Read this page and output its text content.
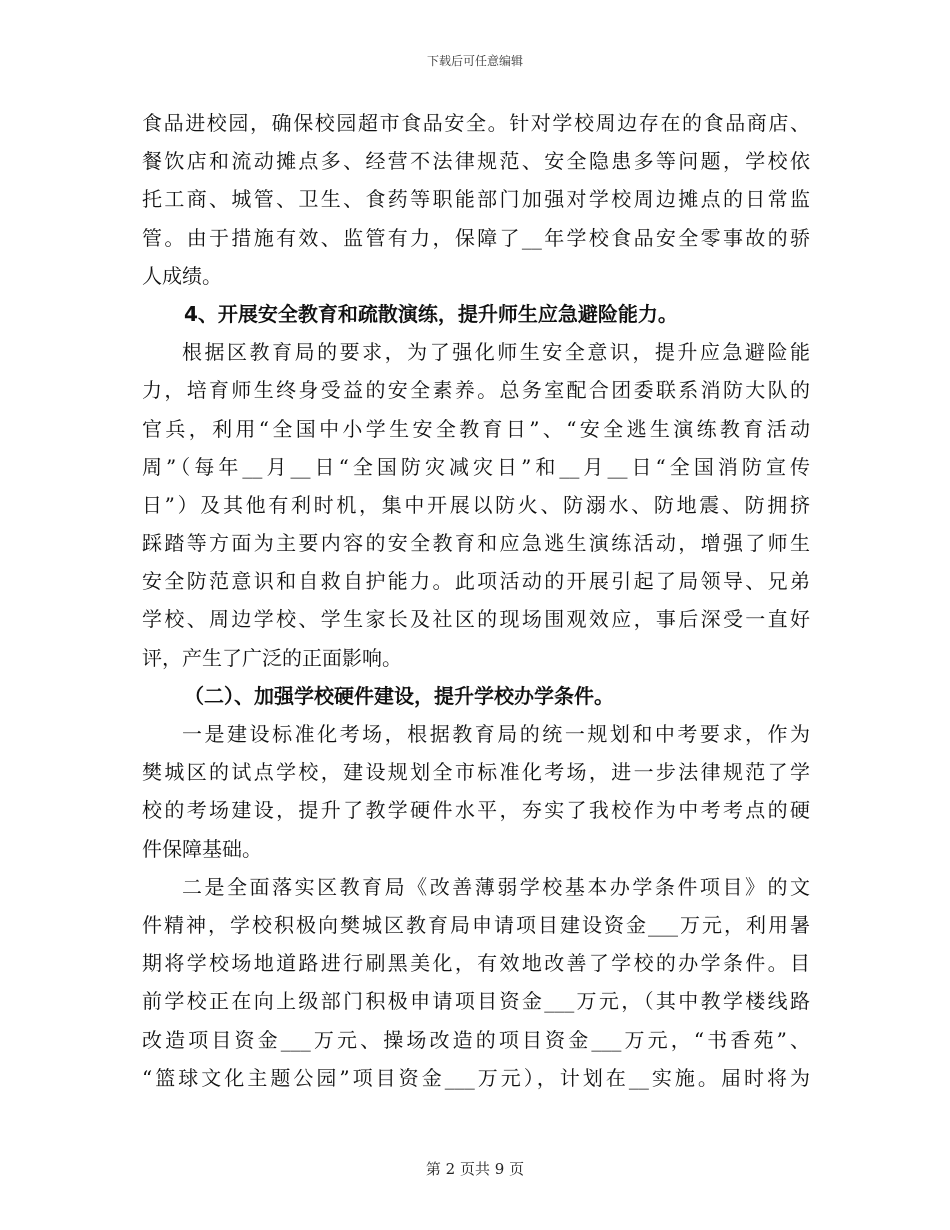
下载后可任意编辑
食品进校园，确保校园超市食品安全。针对学校周边存在的食品商店、
餐饮店和流动摊点多、经营不法律规范、安全隐患多等问题，学校依
托工商、城管、卫生、食药等职能部门加强对学校周边摊点的日常监
管。由于措施有效、监管有力，保障了__年学校食品安全零事故的骄
人成绩。
4、开展安全教育和疏散演练，提升师生应急避险能力。
根据区教育局的要求，为了强化师生安全意识，提升应急避险能
力，培育师生终身受益的安全素养。总务室配合团委联系消防大队的
官兵，利用“全国中小学生安全教育日”、“安全逃生演练教育活动
周”（每年__月__日“全国防灾减灾日”和__月__日“全国消防宣传
日”）及其他有利时机，集中开展以防火、防溺水、防地震、防拥挤
踩踏等方面为主要内容的安全教育和应急逃生演练活动，增强了师生
安全防范意识和自救自护能力。此项活动的开展引起了局领导、兄弟
学校、周边学校、学生家长及社区的现场围观效应，事后深受一直好
评，产生了广泛的正面影响。
（二）、加强学校硬件建设，提升学校办学条件。
一是建设标准化考场，根据教育局的统一规划和中考要求，作为
樊城区的试点学校，建设规划全市标准化考场，进一步法律规范了学
校的考场建设，提升了教学硬件水平，夯实了我校作为中考考点的硬
件保障基础。
二是全面落实区教育局《改善薄弱学校基本办学条件项目》的文
件精神，学校积极向樊城区教育局申请项目建设资金___万元，利用暑
期将学校场地道路进行刷黑美化，有效地改善了学校的办学条件。目
前学校正在向上级部门积极申请项目资金___万元，（其中教学楼线路
改造项目资金___万元、操场改造的项目资金___万元，“书香苑”、
“篮球文化主题公园”项目资金___万元），计划在__实施。届时将为
第 2 页共 9 页
